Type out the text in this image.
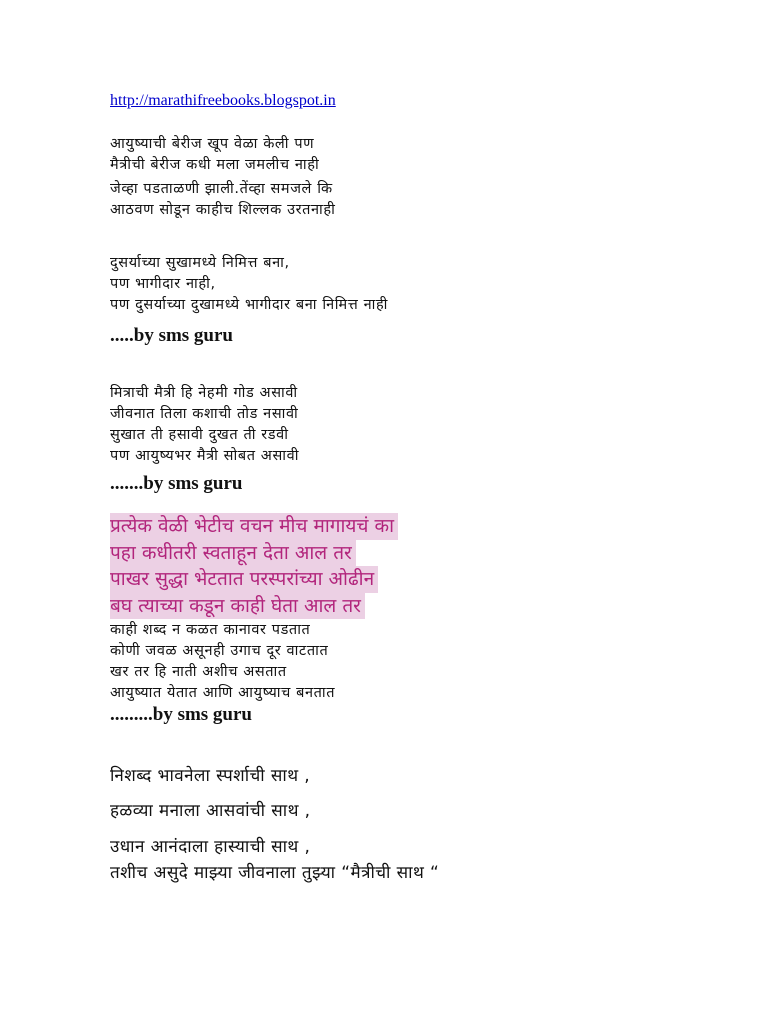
http://marathifreebooks.blogspot.in
आयुष्याची बेरीज खूप वेळा केली पण
मैत्रीची बेरीज कधी मला जमलीच नाही
जेव्हा पडताळणी झाली.तेंव्हा समजले कि
आठवण सोडून काहीच शिल्लक उरतनाही
दुसर्याच्या सुखामध्ये निमित्त बना,
पण भागीदार नाही,
पण दुसर्याच्या दुखामध्ये भागीदार बना निमित्त नाही
.....by sms guru
मित्राची मैत्री हि नेहमी गोड असावी
जीवनात तिला कशाची तोड नसावी
सुखात ती हसावी दुखत ती रडवी
पण आयुष्यभर मैत्री सोबत असावी
.......by sms guru
प्रत्येक वेळी भेटीच वचन मीच मागायचं का
पहा कधीतरी स्वताहून देता आल तर
पाखर सुद्धा भेटतात परस्परांच्या ओढीन
बघ त्याच्या कडून काही घेता आल तर
काही शब्द न कळत कानावर पडतात
कोणी जवळ असूनही उगाच दूर वाटतात
खर तर हि नाती अशीच असतात
आयुष्यात येतात आणि आयुष्याच बनतात
.........by sms guru
निशब्द भावनेला स्पर्शाची साथ ,
हळव्या मनाला आसवांची साथ ,
उधान आनंदाला हास्याची साथ ,
तशीच असुदे माझ्या जीवनाला तुझ्या “मैत्रीची साथ “
